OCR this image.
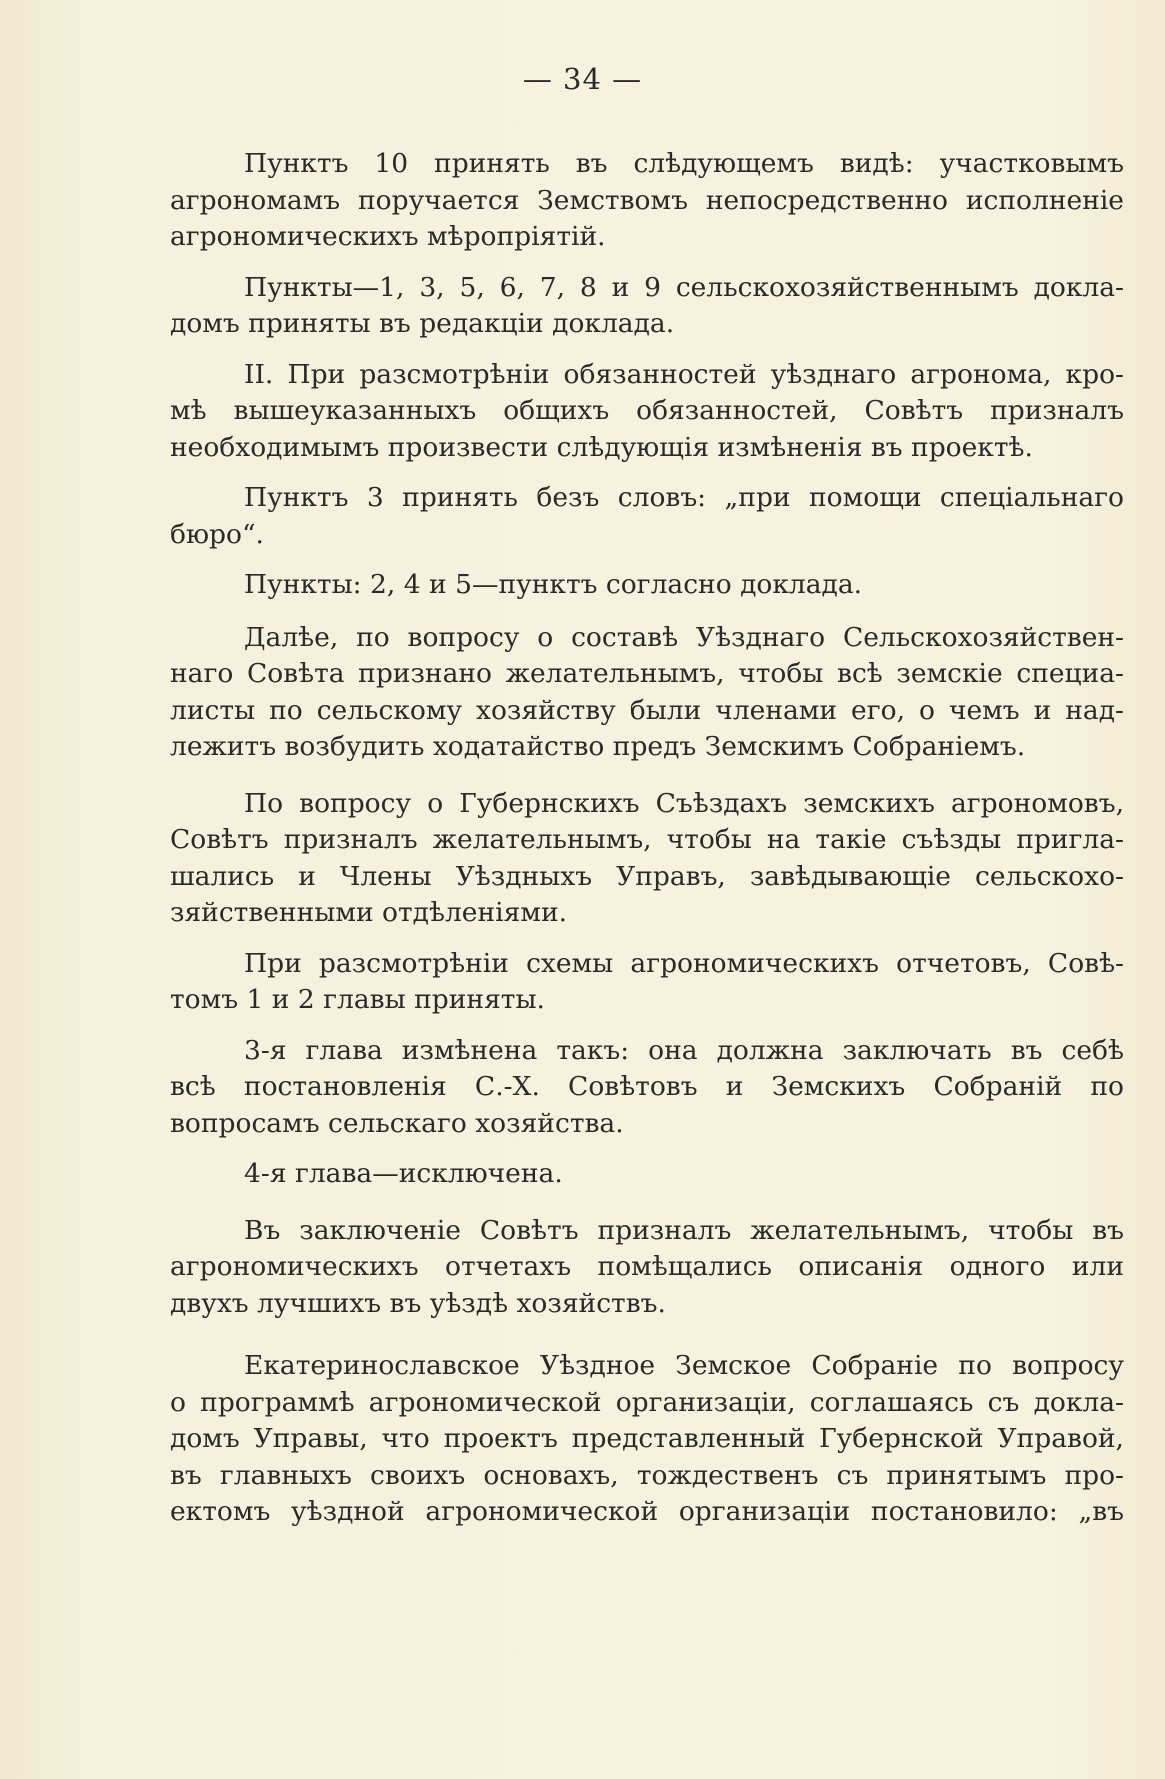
— 34 —

Пунктъ 10 принять въ слѣдующемъ видѣ: участковымъ
агрономамъ поручается Земствомъ непосредственно исполненіе
агрономическихъ мѣропріятій.

Пункты—1, 3, 5, 6, 7, 8 и 9 сельскохозяйственнымъ докла-
домъ приняты въ редакціи доклада.

II. При разсмотрѣніи обязанностей уѣзднаго агронома, кро-
мѣ вышеуказанныхъ общихъ обязанностей, Совѣтъ призналъ
необходимымъ произвести слѣдующія измѣненія въ проектѣ.

Пунктъ 3 принять безъ словъ: „при помощи спеціальнаго
бюро“.

Пункты: 2, 4 и 5—пунктъ согласно доклада.

Далѣе, по вопросу о составѣ Уѣзднаго Сельскохозяйствен-
наго Совѣта признано желательнымъ, чтобы всѣ земскіе специа-
листы по сельскому хозяйству были членами его, о чемъ и над-
лежитъ возбудить ходатайство предъ Земскимъ Собраніемъ.

По вопросу о Губернскихъ Съѣздахъ земскихъ агрономовъ,
Совѣтъ призналъ желательнымъ, чтобы на такіе съѣзды пригла-
шались и Члены Уѣздныхъ Управъ, завѣдывающіе сельскохо-
зяйственными отдѣленіями.

При разсмотрѣніи схемы агрономическихъ отчетовъ, Совѣ-
томъ 1 и 2 главы приняты.

3-я глава измѣнена такъ: она должна заключать въ себѣ
всѣ постановленія С.-Х. Совѣтовъ и Земскихъ Собраній по
вопросамъ сельскаго хозяйства.

4-я глава—исключена.

Въ заключеніе Совѣтъ призналъ желательнымъ, чтобы въ
агрономическихъ отчетахъ помѣщались описанія одного или
двухъ лучшихъ въ уѣздѣ хозяйствъ.

Екатеринославское Уѣздное Земское Собраніе по вопросу
о программѣ агрономической организаціи, соглашаясь съ докла-
домъ Управы, что проектъ представленный Губернской Управой,
въ главныхъ своихъ основахъ, тождественъ съ принятымъ про-
ектомъ уѣздной агрономической организаціи постановило: „въ
